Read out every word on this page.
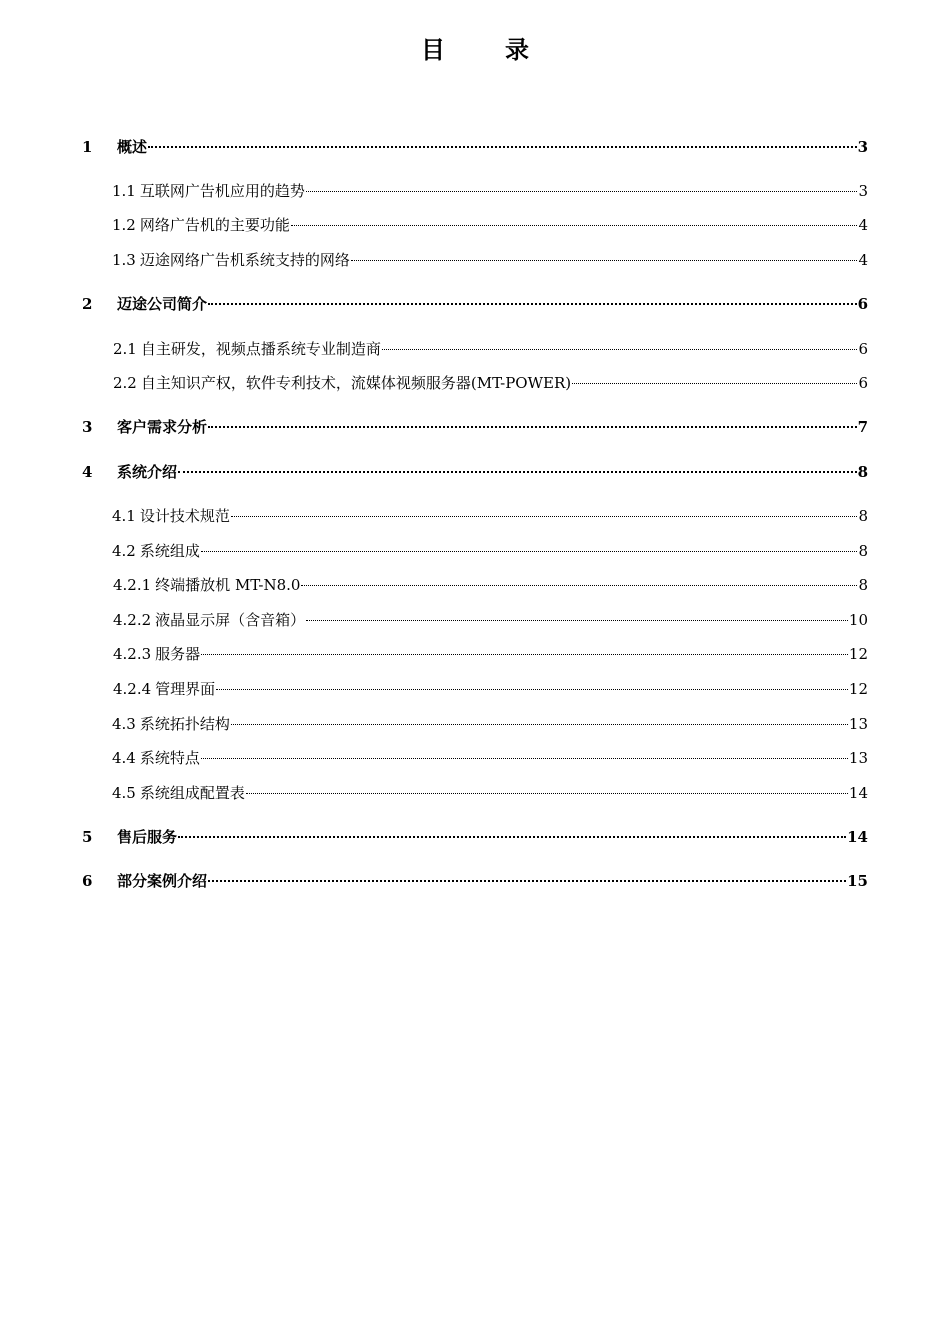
目	录
1	概述	3
1.1 互联网广告机应用的趋势	3
1.2 网络广告机的主要功能	4
1.3 迈途网络广告机系统支持的网络	4
2	迈途公司简介	6
2.1 自主研发，视频点播系统专业制造商	6
2.2 自主知识产权，软件专利技术，流媒体视频服务器(MT-POWER)	6
3	客户需求分析	7
4	系统介绍	8
4.1 设计技术规范	8
4.2 系统组成	8
4.2.1 终端播放机 MT-N8.0	8
4.2.2 液晶显示屏（含音箱）	10
4.2.3 服务器	12
4.2.4 管理界面	12
4.3 系统拓扑结构	13
4.4 系统特点	13
4.5 系统组成配置表	14
5	售后服务	14
6	部分案例介绍	15
